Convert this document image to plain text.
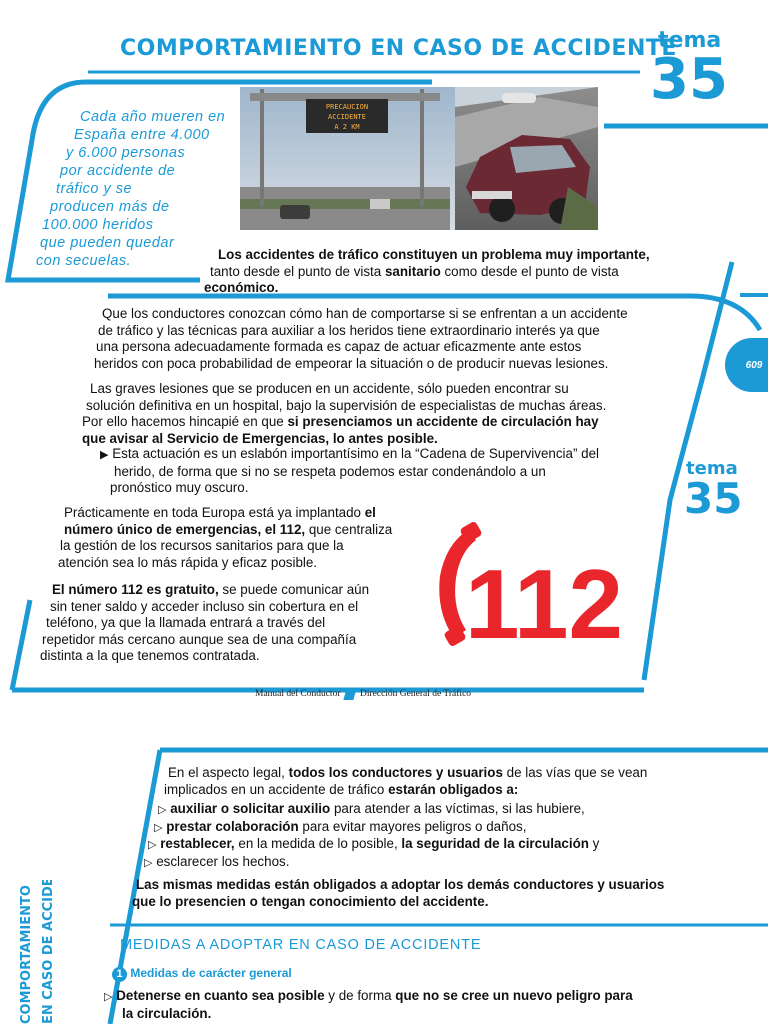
COMPORTAMIENTO EN CASO DE ACCIDENTE
tema
35
Cada año mueren en
España entre 4.000
y 6.000 personas
por accidente de
tráfico y se
producen más de
100.000 heridos
que pueden quedar
con secuelas.
PRECAUCION
ACCIDENTE
A 2 KM
Los accidentes de tráfico constituyen un problema muy importante,
tanto desde el punto de vista sanitario como desde el punto de vista
económico.
Que los conductores conozcan cómo han de comportarse si se enfrentan a un accidente
de tráfico y las técnicas para auxiliar a los heridos tiene extraordinario interés ya que
una persona adecuadamente formada es capaz de actuar eficazmente ante estos
heridos con poca probabilidad de empeorar la situación o de producir nuevas lesiones.	609
Las graves lesiones que se producen en un accidente, sólo pueden encontrar su
solución definitiva en un hospital, bajo la supervisión de especialistas de muchas áreas.
Por ello hacemos hincapié en que si presenciamos un accidente de circulación hay
que avisar al Servicio de Emergencias, lo antes posible.
▶ Esta actuación es un eslabón importantísimo en la “Cadena de Supervivencia” del
herido, de forma que si no se respeta podemos estar condenándolo a un
pronóstico muy oscuro.
tema
35
Prácticamente en toda Europa está ya implantado el
número único de emergencias, el 112, que centraliza
la gestión de los recursos sanitarios para que la
atención sea lo más rápida y eficaz posible.
El número 112 es gratuito, se puede comunicar aún
sin tener saldo y acceder incluso sin cobertura en el
teléfono, ya que la llamada entrará a través del
repetidor más cercano aunque sea de una compañía
distinta a la que tenemos contratada.	112
Manual del Conductor Dirección General de Tráfico
En el aspecto legal, todos los conductores y usuarios de las vías que se vean
implicados en un accidente de tráfico estarán obligados a:
▷ auxiliar o solicitar auxilio para atender a las víctimas, si las hubiere,
▷ prestar colaboración para evitar mayores peligros o daños,
▷ restablecer, en la medida de lo posible, la seguridad de la circulación y
▷ esclarecer los hechos.
Las mismas medidas están obligados a adoptar los demás conductores y usuarios
que lo presencien o tengan conocimiento del accidente.
MEDIDAS A ADOPTAR EN CASO DE ACCIDENTE
1 Medidas de carácter general
▷ Detenerse en cuanto sea posible y de forma que no se cree un nuevo peligro para
la circulación.
COMPORTAMIENTO EN CASO DE ACCIDENTE
